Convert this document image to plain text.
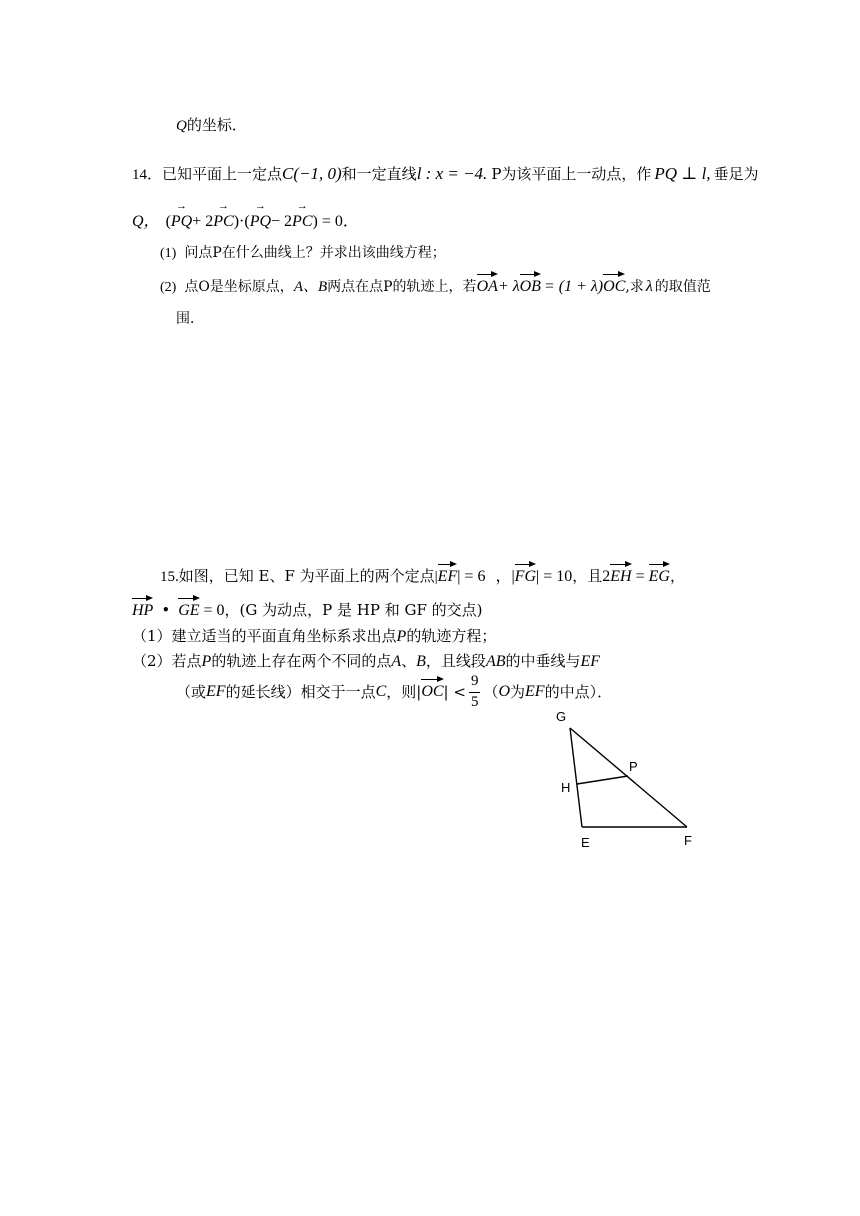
Q的坐标．
14．已知平面上一定点C(−1, 0)和一定直线l : x = −4. P为该平面上一动点，作 PQ ⊥ l, 垂足为
Q， (→ PQ+ 2→ PC)·(→ PQ− 2→ PC) = 0．
(1) 问点P在什么曲线上？并求出该曲线方程；
(2) 点O是坐标原点，A、B两点在点P的轨迹上，若OA+ λOB = (1 + λ)OC,求 λ 的取值范
围．
15.如图，已知 E、F 为平面上的两个定点|EF| = 6 ，|FG| = 10，且2EH = EG，
HP • GE = 0，(G 为动点，P 是 HP 和 GF 的交点)
（1）建立适当的平面直角坐标系求出点P的轨迹方程；
（2）若点P的轨迹上存在两个不同的点A、B，且线段AB的中垂线与EF
（或 EF 的延长线）相交于一点 C ，则| OC | < $\frac{9}{5}$ （ O 为 EF 的中点）．
G
H
P
E	F
